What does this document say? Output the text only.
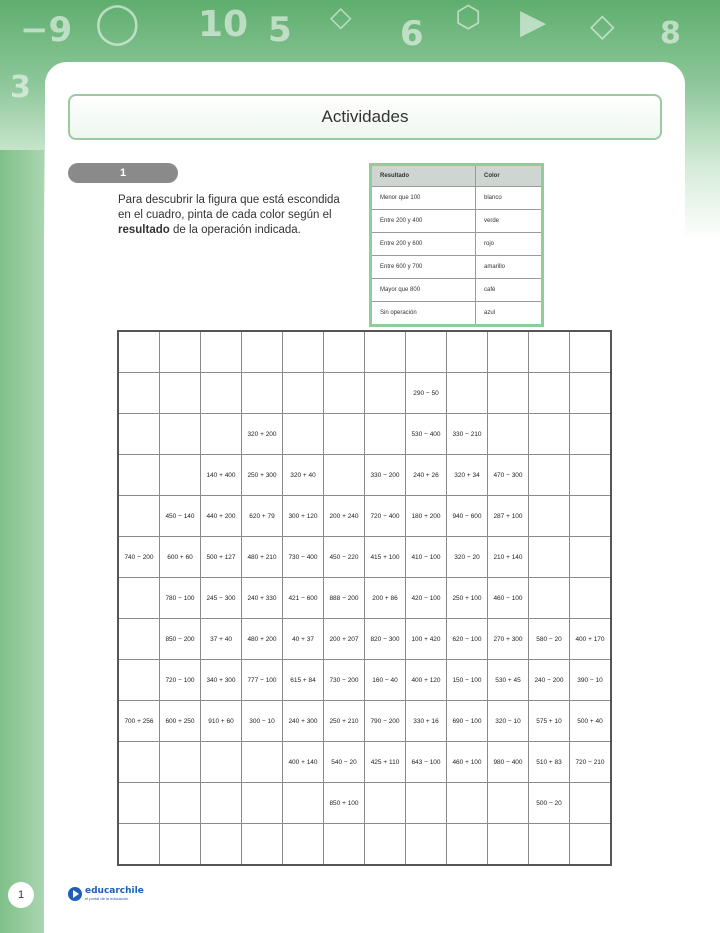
−9 ◯ 10 5 ◇ 6 ⬡ ▶ ◇ 8
3
Actividades
1
Para descubrir la figura que está escondida en el cuadro, pinta de cada color según el resultado de la operación indicada.
Resultado	Color
Menor que 100	blanco
Entre 200 y 400	verde
Entre 200 y 600	rojo
Entre 600 y 700	amarillo
Mayor que 800	café
Sin operación	azul

							290 − 50				
			320 + 200				530 − 400	330 − 210			
		140 + 400	250 + 300	320 + 40		330 − 200	240 + 26	320 + 34	470 − 300		
	450 − 140	440 + 200	620 + 79	300 + 120	200 + 240	720 − 400	180 + 200	940 − 600	287 + 100		
740 − 200	600 + 60	500 + 127	480 + 210	730 − 400	450 − 220	415 + 100	410 − 100	320 − 20	210 + 140		
	780 − 100	245 − 300	240 + 330	421 − 600	888 − 200	200 + 86	420 − 100	250 + 100	460 − 100		
	850 − 200	37 + 40	480 + 200	40 + 37	200 + 207	820 − 300	100 + 420	620 − 100	270 + 300	580 − 20	400 + 170
	720 − 100	340 + 300	777 − 100	615 + 84	730 − 200	160 − 40	400 + 120	150 − 100	530 + 45	240 − 200	390 − 10
700 + 256	600 + 250	910 + 60	300 − 10	240 + 300	250 + 210	790 − 200	330 + 16	690 − 100	320 − 10	575 + 10	500 + 40
				400 + 140	540 − 20	425 + 110	643 − 100	460 + 100	980 − 400	510 + 83	720 − 210
					850 + 100					500 − 20	

1	educarchile
el portal de la educación
